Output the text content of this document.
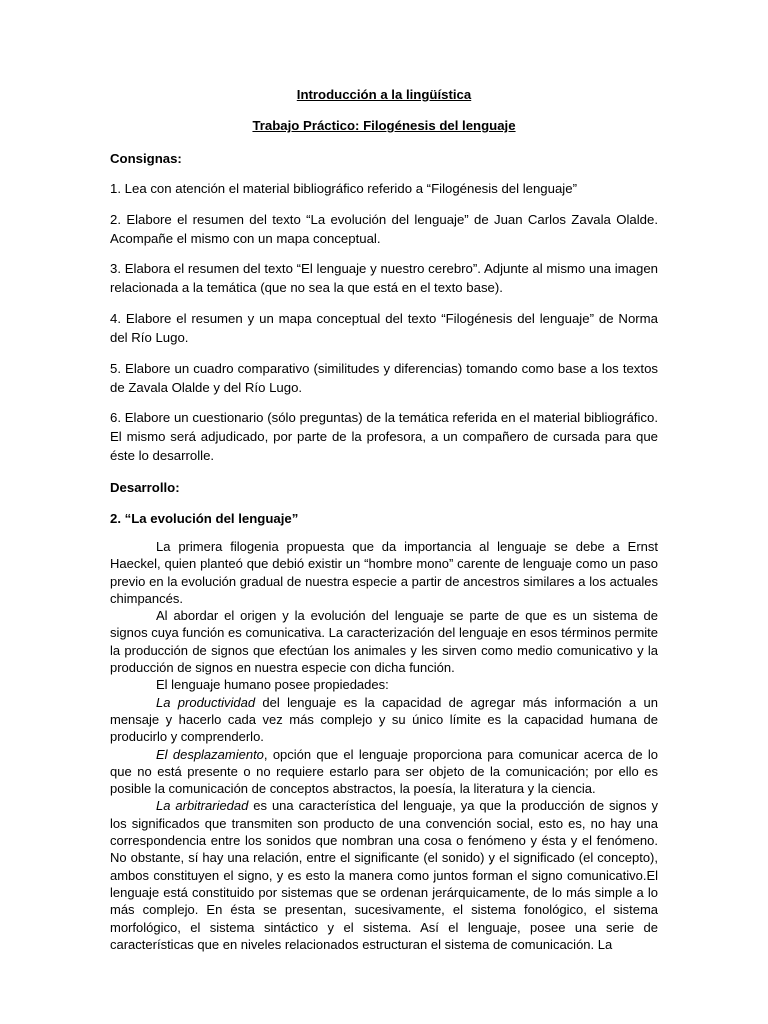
Introducción a la lingüística

Trabajo Práctico: Filogénesis del lenguaje

Consignas:

1. Lea con atención el material bibliográfico referido a “Filogénesis del lenguaje”

2. Elabore el resumen del texto “La evolución del lenguaje” de Juan Carlos Zavala Olalde. Acompañe el mismo con un mapa conceptual.

3. Elabora el resumen del texto “El lenguaje y nuestro cerebro”. Adjunte al mismo una imagen relacionada a la temática (que no sea la que está en el texto base).

4. Elabore el resumen y un mapa conceptual del texto “Filogénesis del lenguaje” de Norma del Río Lugo.

5. Elabore un cuadro comparativo (similitudes y diferencias) tomando como base a los textos de Zavala Olalde y del Río Lugo.

6. Elabore un cuestionario (sólo preguntas) de la temática referida en el material bibliográfico. El mismo será adjudicado, por parte de la profesora, a un compañero de cursada para que éste lo desarrolle.

Desarrollo:

2. “La evolución del lenguaje”

La primera filogenia propuesta que da importancia al lenguaje se debe a Ernst Haeckel, quien planteó que debió existir un “hombre mono” carente de lenguaje como un paso previo en la evolución gradual de nuestra especie a partir de ancestros similares a los actuales chimpancés.

Al abordar el origen y la evolución del lenguaje se parte de que es un sistema de signos cuya función es comunicativa. La caracterización del lenguaje en esos términos permite la producción de signos que efectúan los animales y les sirven como medio comunicativo y la producción de signos en nuestra especie con dicha función.

El lenguaje humano posee propiedades:

La productividad del lenguaje es la capacidad de agregar más información a un mensaje y hacerlo cada vez más complejo y su único límite es la capacidad humana de producirlo y comprenderlo.

El desplazamiento, opción que el lenguaje proporciona para comunicar acerca de lo que no está presente o no requiere estarlo para ser objeto de la comunicación; por ello es posible la comunicación de conceptos abstractos, la poesía, la literatura y la ciencia.

La arbitrariedad es una característica del lenguaje, ya que la producción de signos y los significados que transmiten son producto de una convención social, esto es, no hay una correspondencia entre los sonidos que nombran una cosa o fenómeno y ésta y el fenómeno. No obstante, sí hay una relación, entre el significante (el sonido) y el significado (el concepto), ambos constituyen el signo, y es esto la manera como juntos forman el signo comunicativo.El lenguaje está constituido por sistemas que se ordenan jerárquicamente, de lo más simple a lo más complejo. En ésta se presentan, sucesivamente, el sistema fonológico, el sistema morfológico, el sistema sintáctico y el sistema. Así el lenguaje, posee una serie de características que en niveles relacionados estructuran el sistema de comunicación. La
